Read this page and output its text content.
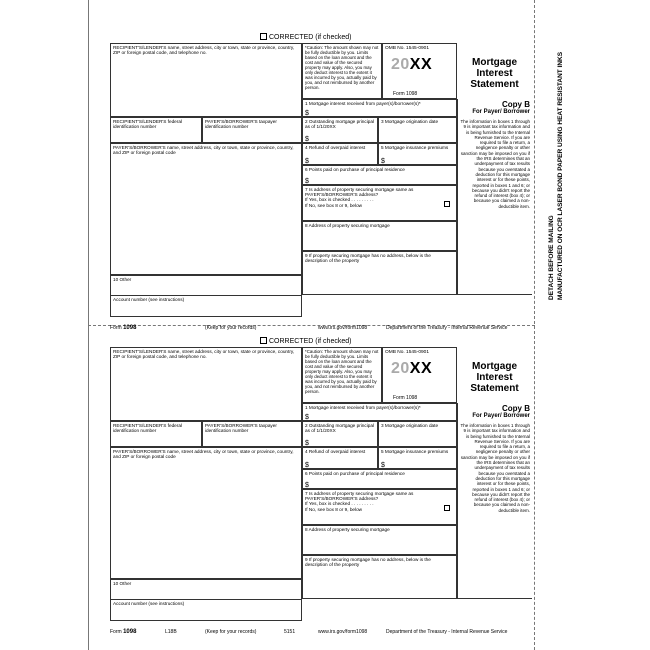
DETACH BEFORE MAILING MANUFACTURED ON OCR LASER BOND PAPER USING HEAT RESISTANT INKS
CORRECTED (if checked)
RECIPIENT'S/LENDER'S name, street address, city or town, state or province, country, ZIP or foreign postal code, and telephone no.
*Caution: The amount shown may not be fully deductible by you. Limits based on the loan amount and the cost and value of the secured property may apply. Also, you may only deduct interest to the extent it was incurred by you, actually paid by you, and not reimbursed by another person.
OMB No. 1545-0901
20XX
Form 1098
Mortgage Interest Statement
1 Mortgage interest received from payer(s)/borrower(s)*
$
Copy B
For Payer/ Borrower
The information in boxes 1 through 9 is important tax information and is being furnished to the Internal Revenue Service. If you are required to file a return, a negligence penalty or other sanction may be imposed on you if the IRS determines that an underpayment of tax results because you overstated a deduction for this mortgage interest or for these points, reported in boxes 1 and 6; or because you didn't report the refund of interest (box 4); or because you claimed a non-deductible item.
RECIPIENT'S/LENDER'S federal identification number
PAYER'S/BORROWER'S taxpayer identification number
2 Outstanding mortgage principal as of 1/1/20XX
$
3 Mortgage origination date
PAYER'S/BORROWER'S name, street address, city or town, state or province, country, and ZIP or foreign postal code
4 Refund of overpaid interest
$
5 Mortgage insurance premiums
$
6 Points paid on purchase of principal residence
$
7 Is address of property securing mortgage same as PAYER'S/BORROWER'S address?
If Yes, box is checked . . . . . . . . .
If No, see box 8 or 9, below
8 Address of property securing mortgage
9 If property securing mortgage has no address, below is the description of the property
10 Other
Account number (see instructions)
Form 1098	(Keep for your records)	www.irs.gov/form1098	Department of the Treasury - Internal Revenue Service
CORRECTED (if checked)
RECIPIENT'S/LENDER'S name, street address, city or town, state or province, country, ZIP or foreign postal code, and telephone no.
*Caution: The amount shown may not be fully deductible by you. Limits based on the loan amount and the cost and value of the secured property may apply. Also, you may only deduct interest to the extent it was incurred by you, actually paid by you, and not reimbursed by another person.
OMB No. 1545-0901
20XX
Form 1098
Mortgage Interest Statement
1 Mortgage interest received from payer(s)/borrower(s)*
$
Copy B
For Payer/ Borrower
The information in boxes 1 through 9 is important tax information and is being furnished to the Internal Revenue Service. If you are required to file a return, a negligence penalty or other sanction may be imposed on you if the IRS determines that an underpayment of tax results because you overstated a deduction for this mortgage interest or for these points, reported in boxes 1 and 6; or because you didn't report the refund of interest (box 4); or because you claimed a non-deductible item.
RECIPIENT'S/LENDER'S federal identification number
PAYER'S/BORROWER'S taxpayer identification number
2 Outstanding mortgage principal as of 1/1/20XX
$
3 Mortgage origination date
PAYER'S/BORROWER'S name, street address, city or town, state or province, country, and ZIP or foreign postal code
4 Refund of overpaid interest
$
5 Mortgage insurance premiums
$
6 Points paid on purchase of principal residence
$
7 Is address of property securing mortgage same as PAYER'S/BORROWER'S address?
If Yes, box is checked . . . . . . . . .
If No, see box 8 or 9, below
8 Address of property securing mortgage
9 If property securing mortgage has no address, below is the description of the property
10 Other
Account number (see instructions)
Form 1098	L18B	(Keep for your records)	5151	www.irs.gov/form1098	Department of the Treasury - Internal Revenue Service
